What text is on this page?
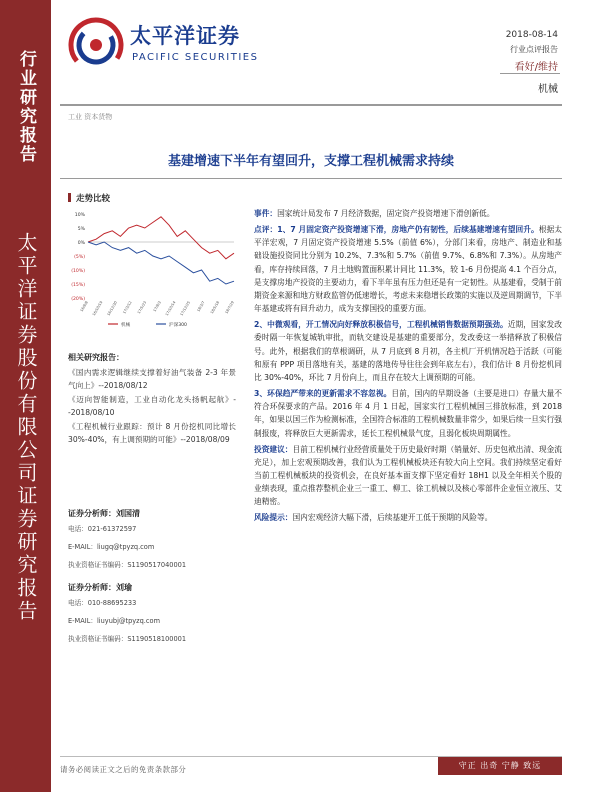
行业研究报告
太平洋证券股份有限公司证券研究报告
太平洋证券
PACIFIC SECURITIES
2018-08-14
行业点评报告
看好/维持
机械
工业 资本货物
基建增速下半年有望回升，支撑工程机械需求持续
走势比较
10%
5%
0%
(5%)
(10%)
(15%)
(20%)
16/8/8 16/10/19 16/12/30 17/3/12 17/5/23 17/8/3 17/10/14 17/12/25 18/3/7 18/5/18 18/7/29
机械	沪深300
相关研究报告：
《国内需求逻辑继续支撑着好油气装备 2-3 年景气向上》--2018/08/12
《迈向智能制造，工业自动化龙头扬帆起航》--2018/08/10
《工程机械行业跟踪：预计 8 月份挖机同比增长 30%-40%，有上调预期的可能》--2018/08/09
证券分析师：刘国清
电话：021-61372597
E-MAIL：liugq@tpyzq.com
执业资格证书编码：S1190517040001
证券分析师：刘瑜
电话：010-88695233
E-MAIL：liuyubj@tpyzq.com
执业资格证书编码：S1190518100001

事件：国家统计局发布 7 月经济数据，固定资产投资增速下滑创新低。

点评：1、7 月固定资产投资增速下滑，房地产仍有韧性，后续基建增速有望回升。根据太平洋宏观，7 月固定资产投资增速 5.5%（前值 6%），分部门来看，房地产、制造业和基础设施投资同比分别为 10.2%、7.3%和 5.7%（前值 9.7%、6.8%和 7.3%）。从房地产看，库存持续回落，7 月土地购置面积累计同比 11.3%，较 1-6 月份提高 4.1 个百分点，是支撑房地产投资的主要动力，看下半年虽有压力但还是有一定韧性。从基建看，受制于前期资金来源和地方财政监管仍低速增长，考虑未来稳增长政策的实施以及逆周期调节，下半年基建或将有回升动力，成为支撑国投的重要方面。

2、中微观看，开工情况向好释放积极信号，工程机械销售数据预期强劲。近期，国家发改委时隔一年恢复城轨审批，而轨交建设是基建的重要部分，发改委这一举措释放了积极信号。此外，根据我们的草根调研，从 7 月底到 8 月初，各主机厂开机情况趋于活跃（可能和原有 PPP 项目落地有关，基建的落地传导往往会到年底左右），我们估计 8 月份挖机同比 30%-40%，环比 7 月份向上，而且存在较大上调预期的可能。

3、环保趋严带来的更新需求不容忽视。目前，国内的早期设备（主要是进口）存量大量不符合环保要求的产品。2016 年 4 月 1 日起，国家实行工程机械国三排放标准，到 2018 年，如果以国三作为检测标准，全国符合标准的工程机械数量非常少，如果后续一旦实行强制报废，将释放巨大更新需求，延长工程机械景气度，且弱化板块周期属性。

投资建议：目前工程机械行业经营质量处于历史最好时期（销量好、历史包袱出清、现金流充足），加上宏观预期改善，我们认为工程机械板块还有较大向上空间。我们持续坚定看好当前工程机械板块的投资机会，在良好基本面支撑下坚定看好 18H1 以及全年相关个股的业绩表现，重点推荐整机企业三一重工、柳工、徐工机械以及核心零部件企业恒立液压、艾迪精密。

风险提示：国内宏观经济大幅下滑，后续基建开工低于预期的风险等。

请务必阅读正文之后的免责条款部分	守正 出奇 宁静 致远
